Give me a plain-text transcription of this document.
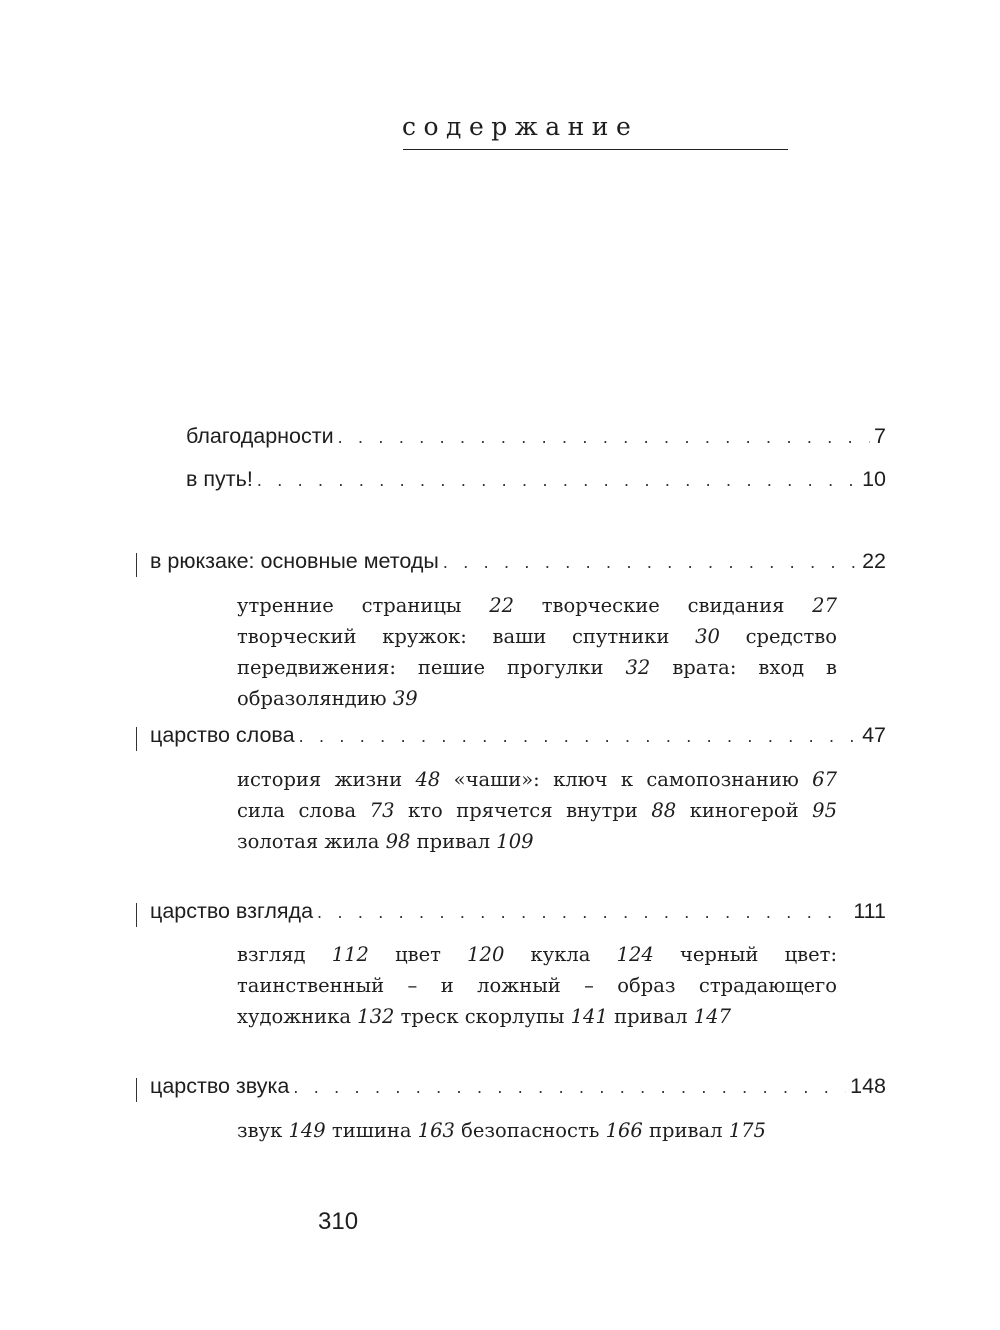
содержание
благодарности . . .	7
в путь! . . .	10
в рюкзаке: основные методы . . .	22

утренние страницы 22 творческие свидания 27 творческий кружок: ваши спутники 30 средство передвижения: пешие прогулки 32 врата: вход в образоляндию 39

царство слова . . .	47

история жизни 48 «чаши»: ключ к самопознанию 67 сила слова 73 кто прячется внутри 88 киногерой 95 золотая жила 98 привал 109

царство взгляда . . .	111

взгляд 112 цвет 120 кукла 124 черный цвет: таинственный – и ложный – образ страдающего художника 132 треск скорлупы 141 привал 147

царство звука . . .	148

звук 149 тишина 163 безопасность 166 привал 175

310
